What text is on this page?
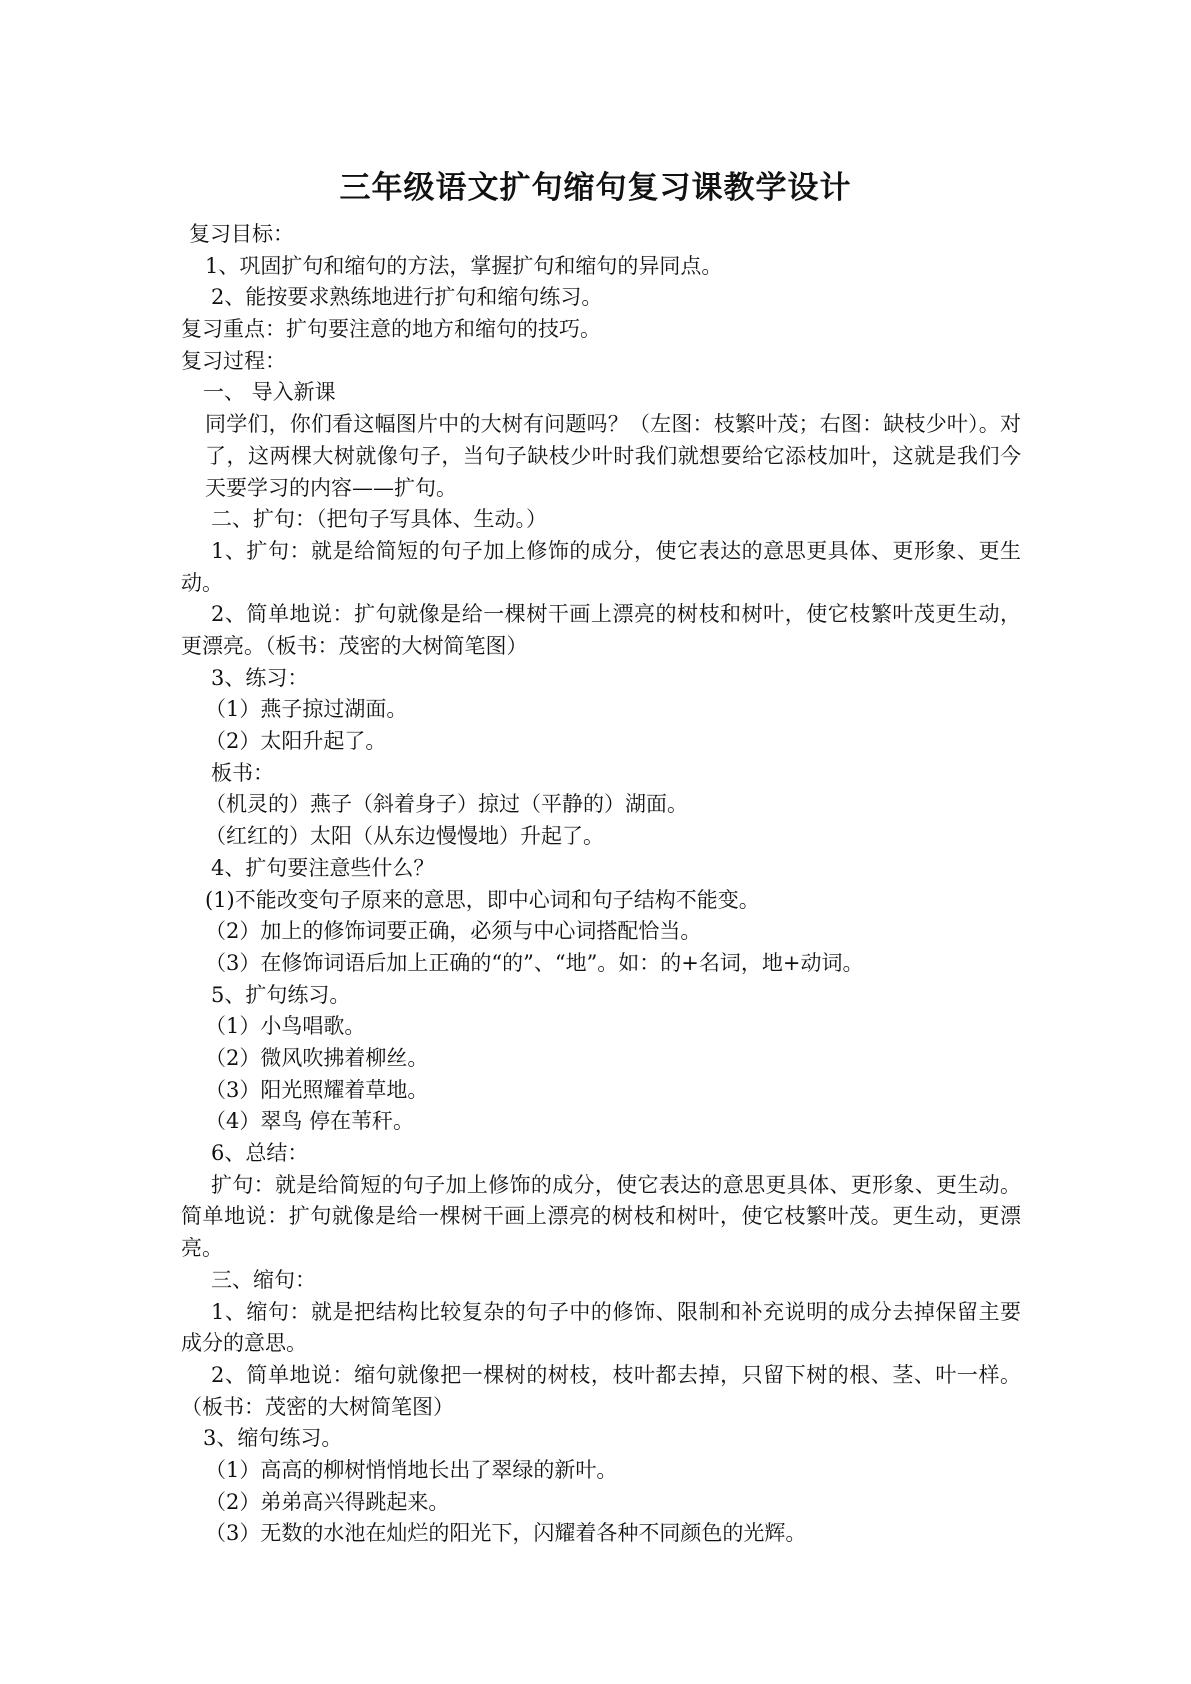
三年级语文扩句缩句复习课教学设计

复习目标：

1、巩固扩句和缩句的方法，掌握扩句和缩句的异同点。

2、能按要求熟练地进行扩句和缩句练习。

复习重点：扩句要注意的地方和缩句的技巧。

复习过程：

一、 导入新课

同学们，你们看这幅图片中的大树有问题吗？（左图：枝繁叶茂；右图：缺枝少叶）。对了，这两棵大树就像句子，当句子缺枝少叶时我们就想要给它添枝加叶，这就是我们今天要学习的内容——扩句。

二、扩句：（把句子写具体、生动。）

1、扩句：就是给简短的句子加上修饰的成分，使它表达的意思更具体、更形象、更生动。

2、简单地说：扩句就像是给一棵树干画上漂亮的树枝和树叶，使它枝繁叶茂更生动，更漂亮。（板书：茂密的大树简笔图）

3、练习：

（1）燕子掠过湖面。

（2）太阳升起了。

板书：

（机灵的）燕子（斜着身子）掠过（平静的）湖面。

（红红的）太阳（从东边慢慢地）升起了。

4、扩句要注意些什么？

(1)不能改变句子原来的意思，即中心词和句子结构不能变。

（2）加上的修饰词要正确，必须与中心词搭配恰当。

（3）在修饰词语后加上正确的“的”、“地”。如：的+名词，地+动词。

5、扩句练习。

（1）小鸟唱歌。

（2）微风吹拂着柳丝。

（3）阳光照耀着草地。

（4）翠鸟 停在苇秆。

6、总结：

扩句：就是给简短的句子加上修饰的成分，使它表达的意思更具体、更形象、更生动。简单地说：扩句就像是给一棵树干画上漂亮的树枝和树叶，使它枝繁叶茂。更生动，更漂亮。

三、缩句：

1、缩句：就是把结构比较复杂的句子中的修饰、限制和补充说明的成分去掉保留主要成分的意思。

2、简单地说：缩句就像把一棵树的树枝，枝叶都去掉，只留下树的根、茎、叶一样。（板书：茂密的大树简笔图）

3、缩句练习。

（1）高高的柳树悄悄地长出了翠绿的新叶。

（2）弟弟高兴得跳起来。

（3）无数的水池在灿烂的阳光下，闪耀着各种不同颜色的光辉。
